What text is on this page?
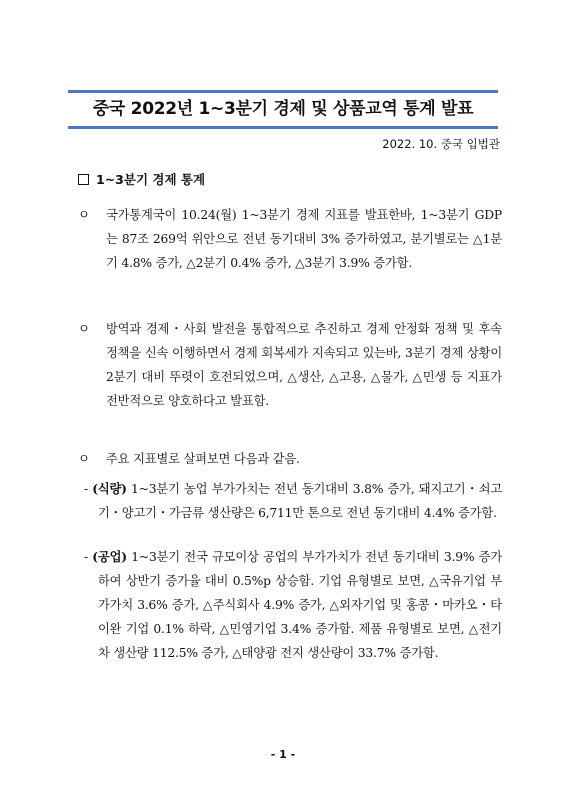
중국 2022년 1~3분기 경제 및 상품교역 통계 발표
2022. 10. 중국 입법관
1~3분기 경제 통계
ㅇ 국가통계국이 10.24(월) 1~3분기 경제 지표를 발표한바, 1~3분기 GDP는 87조 269억 위안으로 전년 동기대비 3% 증가하였고, 분기별로는 △1분기 4.8% 증가, △2분기 0.4% 증가, △3분기 3.9% 증가함.
ㅇ 방역과 경제・사회 발전을 통합적으로 추진하고 경제 안정화 정책 및 후속 정책을 신속 이행하면서 경제 회복세가 지속되고 있는바, 3분기 경제 상황이 2분기 대비 뚜렷이 호전되었으며, △생산, △고용, △물가, △민생 등 지표가 전반적으로 양호하다고 발표함.
ㅇ 주요 지표별로 살펴보면 다음과 같음.
- (식량) 1~3분기 농업 부가가치는 전년 동기대비 3.8% 증가, 돼지고기・쇠고기・양고기・가금류 생산량은 6,711만 톤으로 전년 동기대비 4.4% 증가함.
- (공업) 1~3분기 전국 규모이상 공업의 부가가치가 전년 동기대비 3.9% 증가하여 상반기 증가율 대비 0.5%p 상승함. 기업 유형별로 보면, △국유기업 부가가치 3.6% 증가, △주식회사 4.9% 증가, △외자기업 및 홍콩・마카오・타이완 기업 0.1% 하락, △민영기업 3.4% 증가함. 제품 유형별로 보면, △전기차 생산량 112.5% 증가, △태양광 전지 생산량이 33.7% 증가함.
- 1 -
